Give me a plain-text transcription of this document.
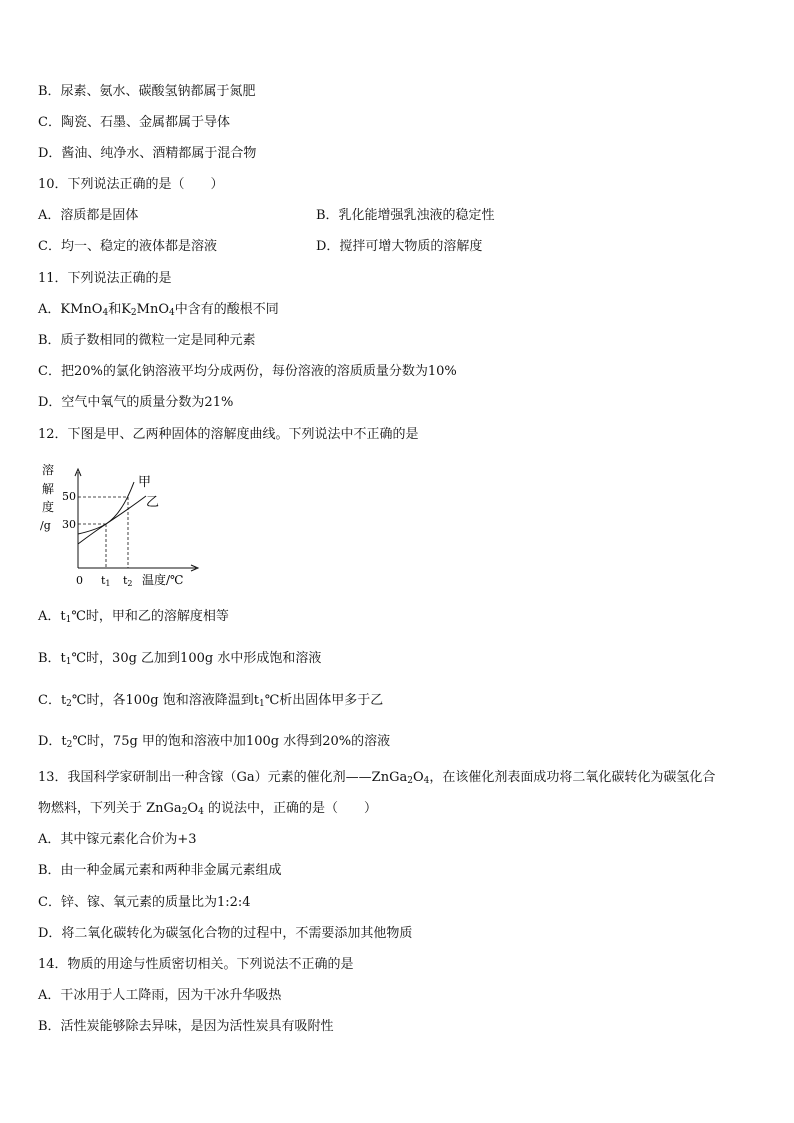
B．尿素、氨水、碳酸氢钠都属于氮肥
C．陶瓷、石墨、金属都属于导体
D．酱油、纯净水、酒精都属于混合物
10．下列说法正确的是（　　）
A．溶质都是固体	B．乳化能增强乳浊液的稳定性
C．均一、稳定的液体都是溶液	D．搅拌可增大物质的溶解度
11．下列说法正确的是
A．KMnO$_4$和$K_2MnO_4$中含有的酸根不同
B．质子数相同的微粒一定是同种元素
C．把20%的氯化钠溶液平均分成两份，每份溶液的溶质质量分数为10%
D．空气中氧气的质量分数为21%
12．下图是甲、乙两种固体的溶解度曲线。下列说法中不正确的是
溶
解
度
/g
50
30
甲
乙
0 t1 t2 温度/℃
A．$t_1℃$时，甲和乙的溶解度相等
B．$t_1℃$时，30g 乙加到100g 水中形成饱和溶液
C．$t_2℃$时，各100g 饱和溶液降温到$t_1℃$析出固体甲多于乙
D．$t_2℃$时，75g 甲的饱和溶液中加100g 水得到20%的溶液
13．我国科学家研制出一种含镓（Ga）元素的催化剂$——ZnGa_2O_4$，在该催化剂表面成功将二氧化碳转化为碳氢化合
物燃料，下列关于 $ZnGa_2O_4$ 的说法中，正确的是（　　）
A．其中镓元素化合价为+3
B．由一种金属元素和两种非金属元素组成
C．锌、镓、氧元素的质量比为1:2:4
D．将二氧化碳转化为碳氢化合物的过程中，不需要添加其他物质
14．物质的用途与性质密切相关。下列说法不正确的是
A．干冰用于人工降雨，因为干冰升华吸热
B．活性炭能够除去异味，是因为活性炭具有吸附性
